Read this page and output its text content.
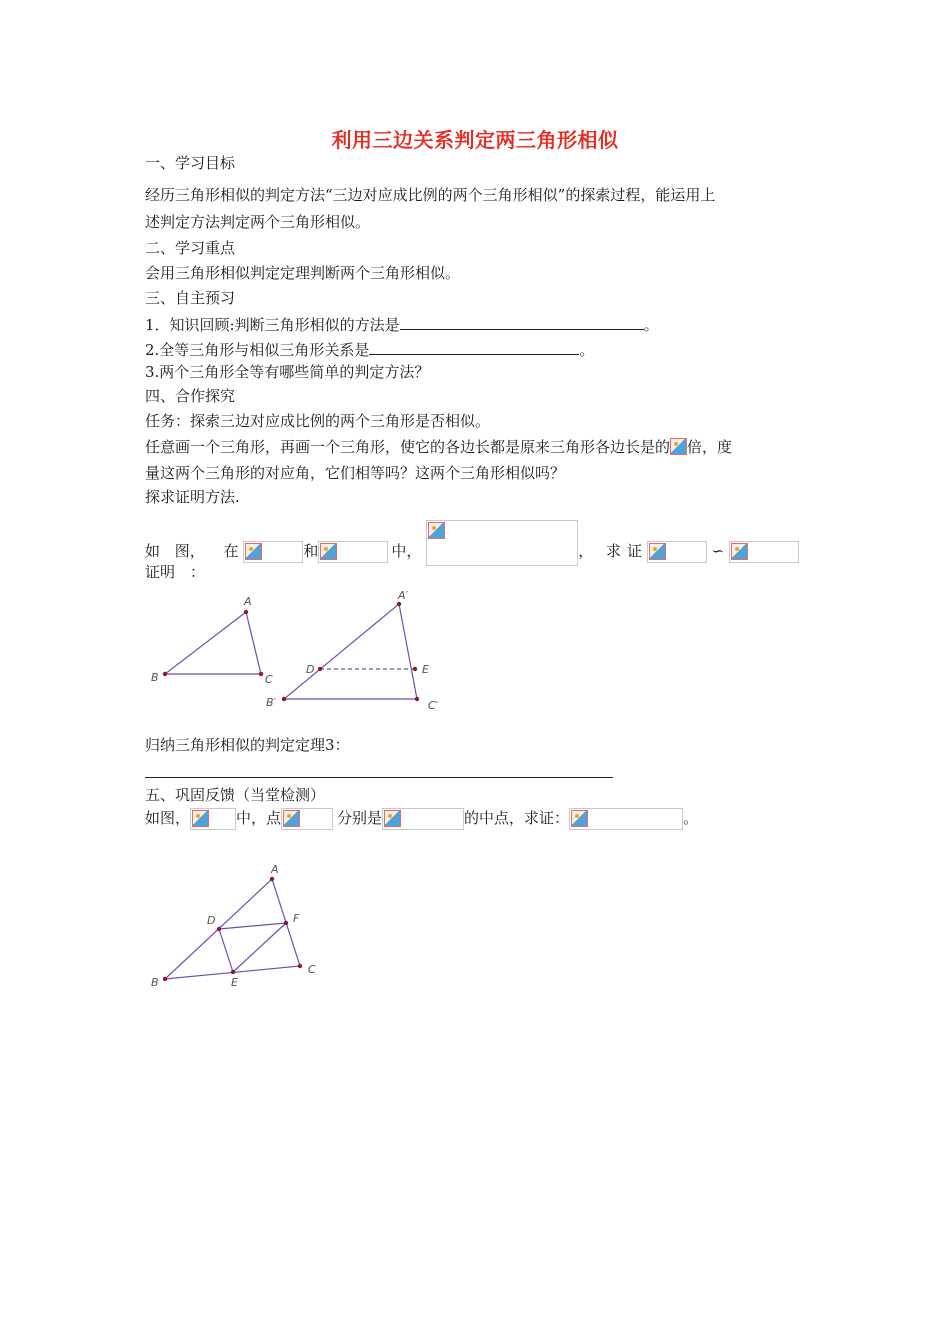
利用三边关系判定两三角形相似
一、学习目标
经历三角形相似的判定方法“三边对应成比例的两个三角形相似”的探索过程，能运用上
述判定方法判定两个三角形相似。
二、学习重点
会用三角形相似判定定理判断两个三角形相似。
三、自主预习
1．知识回顾:判断三角形相似的方法是	。
2.全等三角形与相似三角形关系是	。
3.两个三角形全等有哪些简单的判定方法？
四、合作探究
任务：探索三边对应成比例的两个三角形是否相似。
任意画一个三角形，再画一个三角形，使它的各边长都是原来三角形各边长是的 倍，度
量这两个三角形的对应角，它们相等吗？这两个三角形相似吗？
探求证明方法.
如 图， 在	和	中，	， 求 证	∽
证明　：
A
B	C
A′
B′	C′
D	E
归纳三角形相似的判定定理3：
五、巩固反馈（当堂检测）
如图，	中，点	分别是	的中点，求证：	。
A
B
C
D
E
F
